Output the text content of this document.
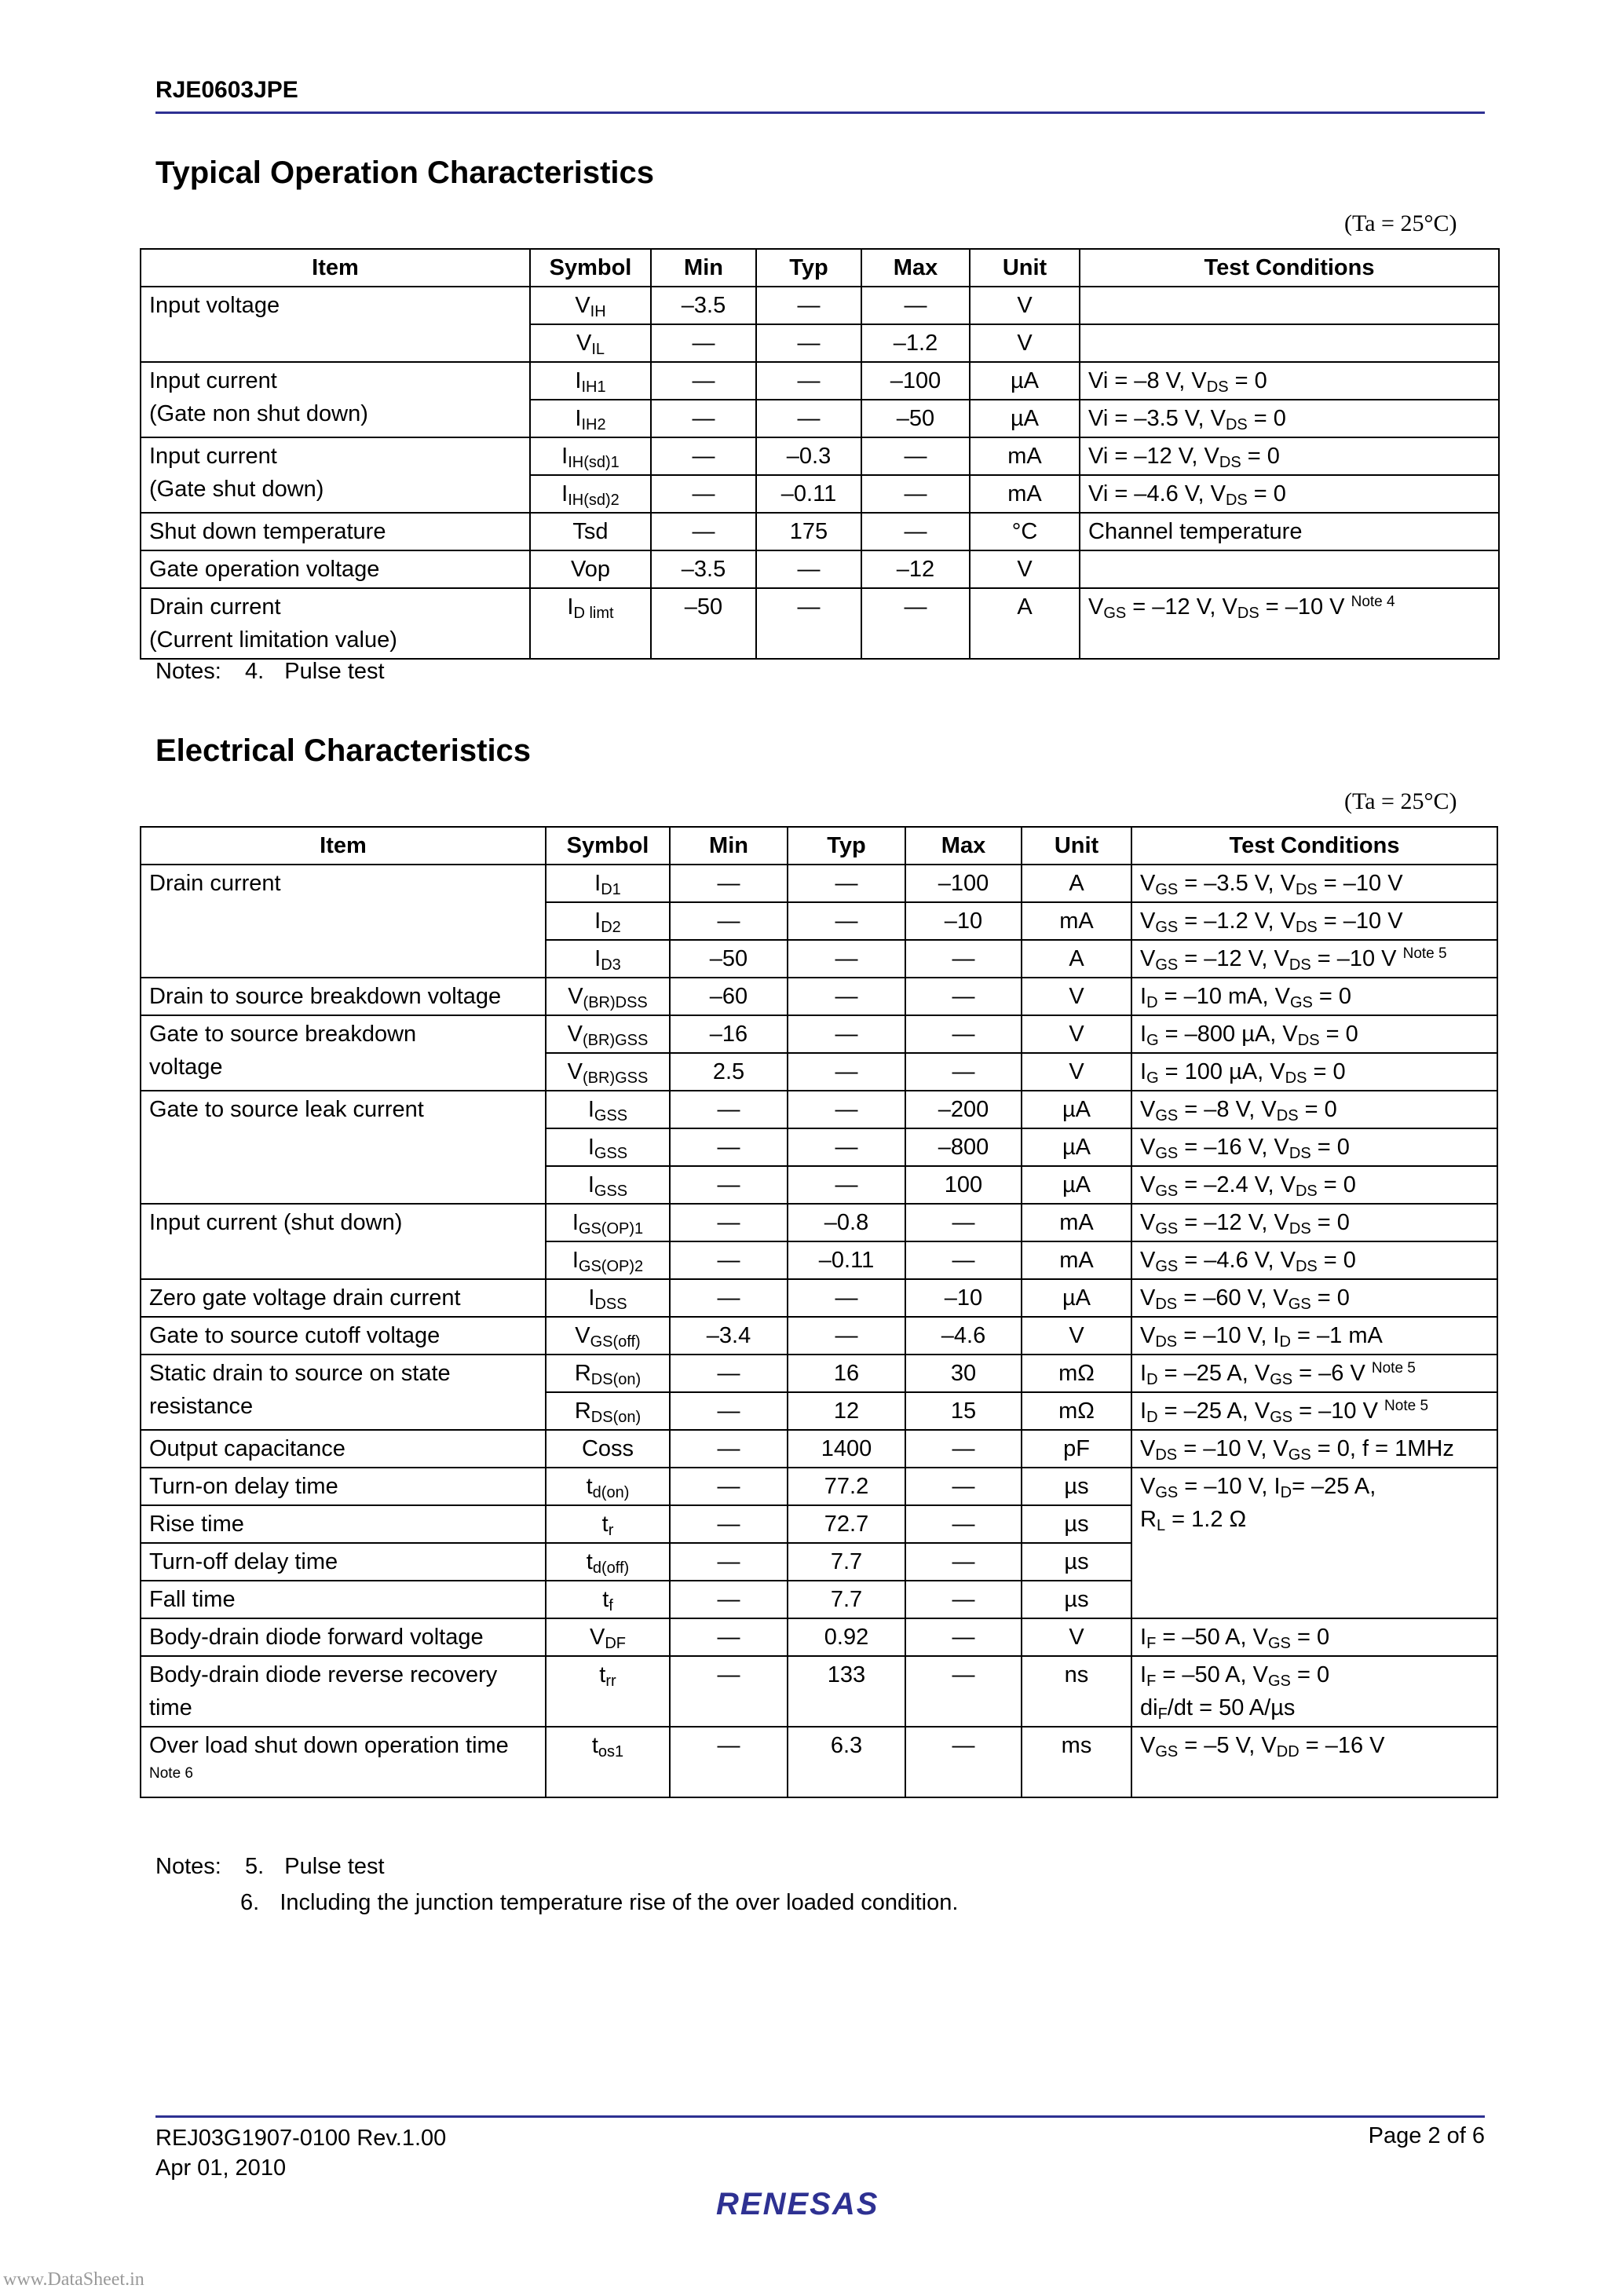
RJE0603JPE
Typical Operation Characteristics
(Ta = 25°C)
Item	Symbol	Min	Typ	Max	Unit	Test Conditions
Input voltage	$V_{IH}$	–3.5	—	—	V	
	$V_{IL}$	—	—	–1.2	V	
Input current
(Gate non shut down)	$I_{IH1}$	—	—	–100	µA	Vi = –8 V, $V_{DS} = 0$
	$I_{IH2}$	—	—	–50	µA	Vi = –3.5 V, $V_{DS} = 0$
Input current
(Gate shut down)	$I_{IH(sd)1}$	—	–0.3	—	mA	Vi = –12 V, $V_{DS} = 0$
	$I_{IH(sd)2}$	—	–0.11	—	mA	Vi = –4.6 V, $V_{DS} = 0$
Shut down temperature	Tsd	—	175	—	°C	Channel temperature
Gate operation voltage	Vop	–3.5	—	–12	V	
Drain current
(Current limitation value)	$I_{D limt}$	–50	—	—	A	$V_{GS} = -12$ V, $V_{DS} = -10$ V $^{Note 4}$
Notes: 4. Pulse test
Electrical Characteristics
(Ta = 25°C)
Item	Symbol	Min	Typ	Max	Unit	Test Conditions
Drain current	$I_{D1}$	—	—	–100	A	$V_{GS} = -3.5$ V, $V_{DS} = -10$ V
	$I_{D2}$	—	—	–10	mA	$V_{GS} = -1.2$ V, $V_{DS} = -10$ V
	$I_{D3}$	–50	—	—	A	$V_{GS} = -12$ V, $V_{DS} = -10$ V $^{Note 5}$
Drain to source breakdown voltage	$V_{(BR)DSS}$	–60	—	—	V	$I_D = -10$ mA, $V_{GS} = 0$
Gate to source breakdown
voltage	$V_{(BR)GSS}$	–16	—	—	V	$I_G = -800$ µA, $V_{DS} = 0$
	$V_{(BR)GSS}$	2.5	—	—	V	$I_G = 100$ µA, $V_{DS} = 0$
Gate to source leak current	$I_{GSS}$	—	—	–200	µA	$V_{GS} = -8$ V, $V_{DS} = 0$
	$I_{GSS}$	—	—	–800	µA	$V_{GS} = -16$ V, $V_{DS} = 0$
	$I_{GSS}$	—	—	100	µA	$V_{GS} = -2.4$ V, $V_{DS} = 0$
Input current (shut down)	$I_{GS(OP)1}$	—	–0.8	—	mA	$V_{GS} = -12$ V, $V_{DS} = 0$
	$I_{GS(OP)2}$	—	–0.11	—	mA	$V_{GS} = -4.6$ V, $V_{DS} = 0$
Zero gate voltage drain current	$I_{DSS}$	—	—	–10	µA	$V_{DS} = -60$ V, $V_{GS} = 0$
Gate to source cutoff voltage	$V_{GS(off)}$	–3.4	—	–4.6	V	$V_{DS} = -10$ V, $I_D = -1$ mA
Static drain to source on state
resistance	$R_{DS(on)}$	—	16	30	mΩ	$I_D = -25$ A, $V_{GS} = -6$ V $^{Note 5}$
	$R_{DS(on)}$	—	12	15	mΩ	$I_D = -25$ A, $V_{GS} = -10$ V $^{Note 5}$
Output capacitance	Coss	—	1400	—	pF	$V_{DS} = -10$ V, $V_{GS} = 0$, f = 1MHz
Turn-on delay time	$t_{d(on)}$	—	77.2	—	µs	$V_{GS} = -10$ V, $I_D= -25$ A,
$R_L = 1.2$ Ω
Rise time	$t_r$	—	72.7	—	µs	
Turn-off delay time	$t_{d(off)}$	—	7.7	—	µs	
Fall time	$t_f$	—	7.7	—	µs	
Body-drain diode forward voltage	$V_{DF}$	—	0.92	—	V	$I_F = -50$ A, $V_{GS} = 0$
Body-drain diode reverse recovery time	$t_{rr}$	—	133	—	ns	$I_F = -50$ A, $V_{GS} = 0$
$di_F/dt = 50$ A/µs
Over load shut down operation time $^{Note 6}$	$t_{os1}$	—	6.3	—	ms	$V_{GS} = -5$ V, $V_{DD} = -16$ V
Notes: 5. Pulse test
6. Including the junction temperature rise of the over loaded condition.
REJ03G1907-0100 Rev.1.00
Apr 01, 2010
Page 2 of 6
RENESAS
www.DataSheet.in
